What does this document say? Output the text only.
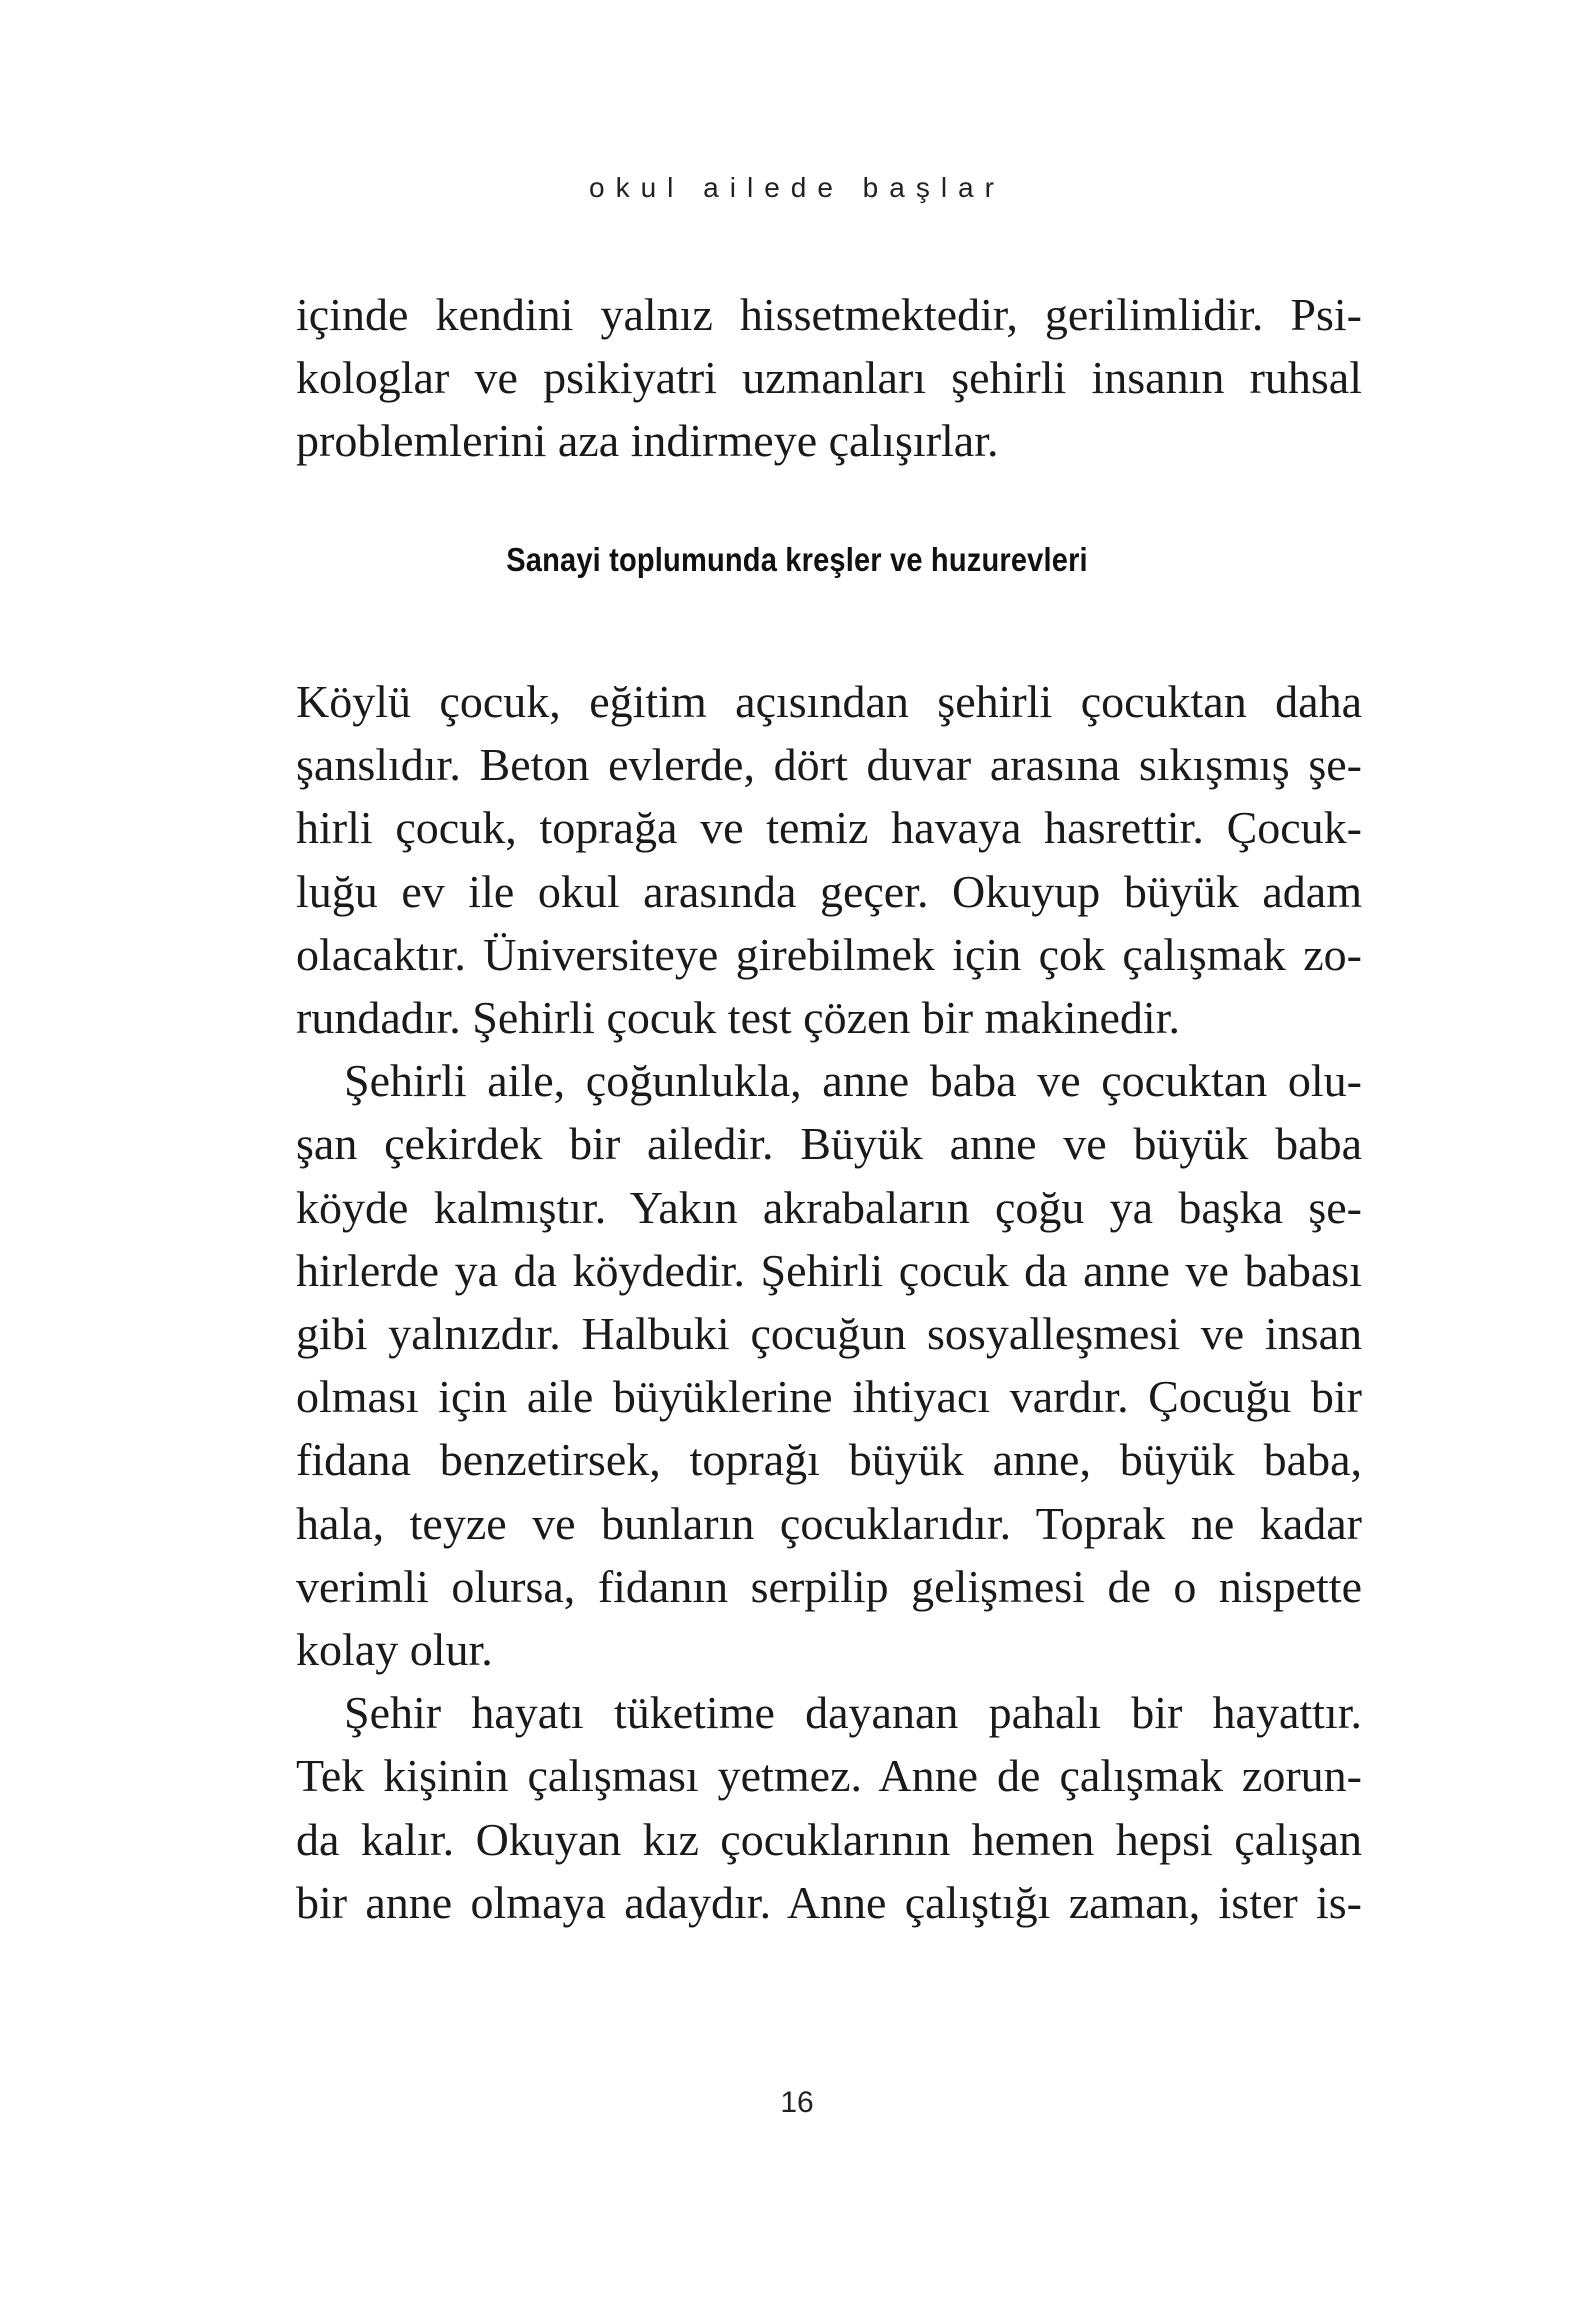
okul ailede başlar
içinde kendini yalnız hissetmektedir, gerilimlidir. Psi-
kologlar ve psikiyatri uzmanları şehirli insanın ruhsal
problemlerini aza indirmeye çalışırlar.
Sanayi toplumunda kreşler ve huzurevleri
Köylü çocuk, eğitim açısından şehirli çocuktan daha
şanslıdır. Beton evlerde, dört duvar arasına sıkışmış şe-
hirli çocuk, toprağa ve temiz havaya hasrettir. Çocuk-
luğu ev ile okul arasında geçer. Okuyup büyük adam
olacaktır. Üniversiteye girebilmek için çok çalışmak zo-
rundadır. Şehirli çocuk test çözen bir makinedir.
Şehirli aile, çoğunlukla, anne baba ve çocuktan olu-
şan çekirdek bir ailedir. Büyük anne ve büyük baba
köyde kalmıştır. Yakın akrabaların çoğu ya başka şe-
hirlerde ya da köydedir. Şehirli çocuk da anne ve babası
gibi yalnızdır. Halbuki çocuğun sosyalleşmesi ve insan
olması için aile büyüklerine ihtiyacı vardır. Çocuğu bir
fidana benzetirsek, toprağı büyük anne, büyük baba,
hala, teyze ve bunların çocuklarıdır. Toprak ne kadar
verimli olursa, fidanın serpilip gelişmesi de o nispette
kolay olur.
Şehir hayatı tüketime dayanan pahalı bir hayattır.
Tek kişinin çalışması yetmez. Anne de çalışmak zorun-
da kalır. Okuyan kız çocuklarının hemen hepsi çalışan
bir anne olmaya adaydır. Anne çalıştığı zaman, ister is-
16
